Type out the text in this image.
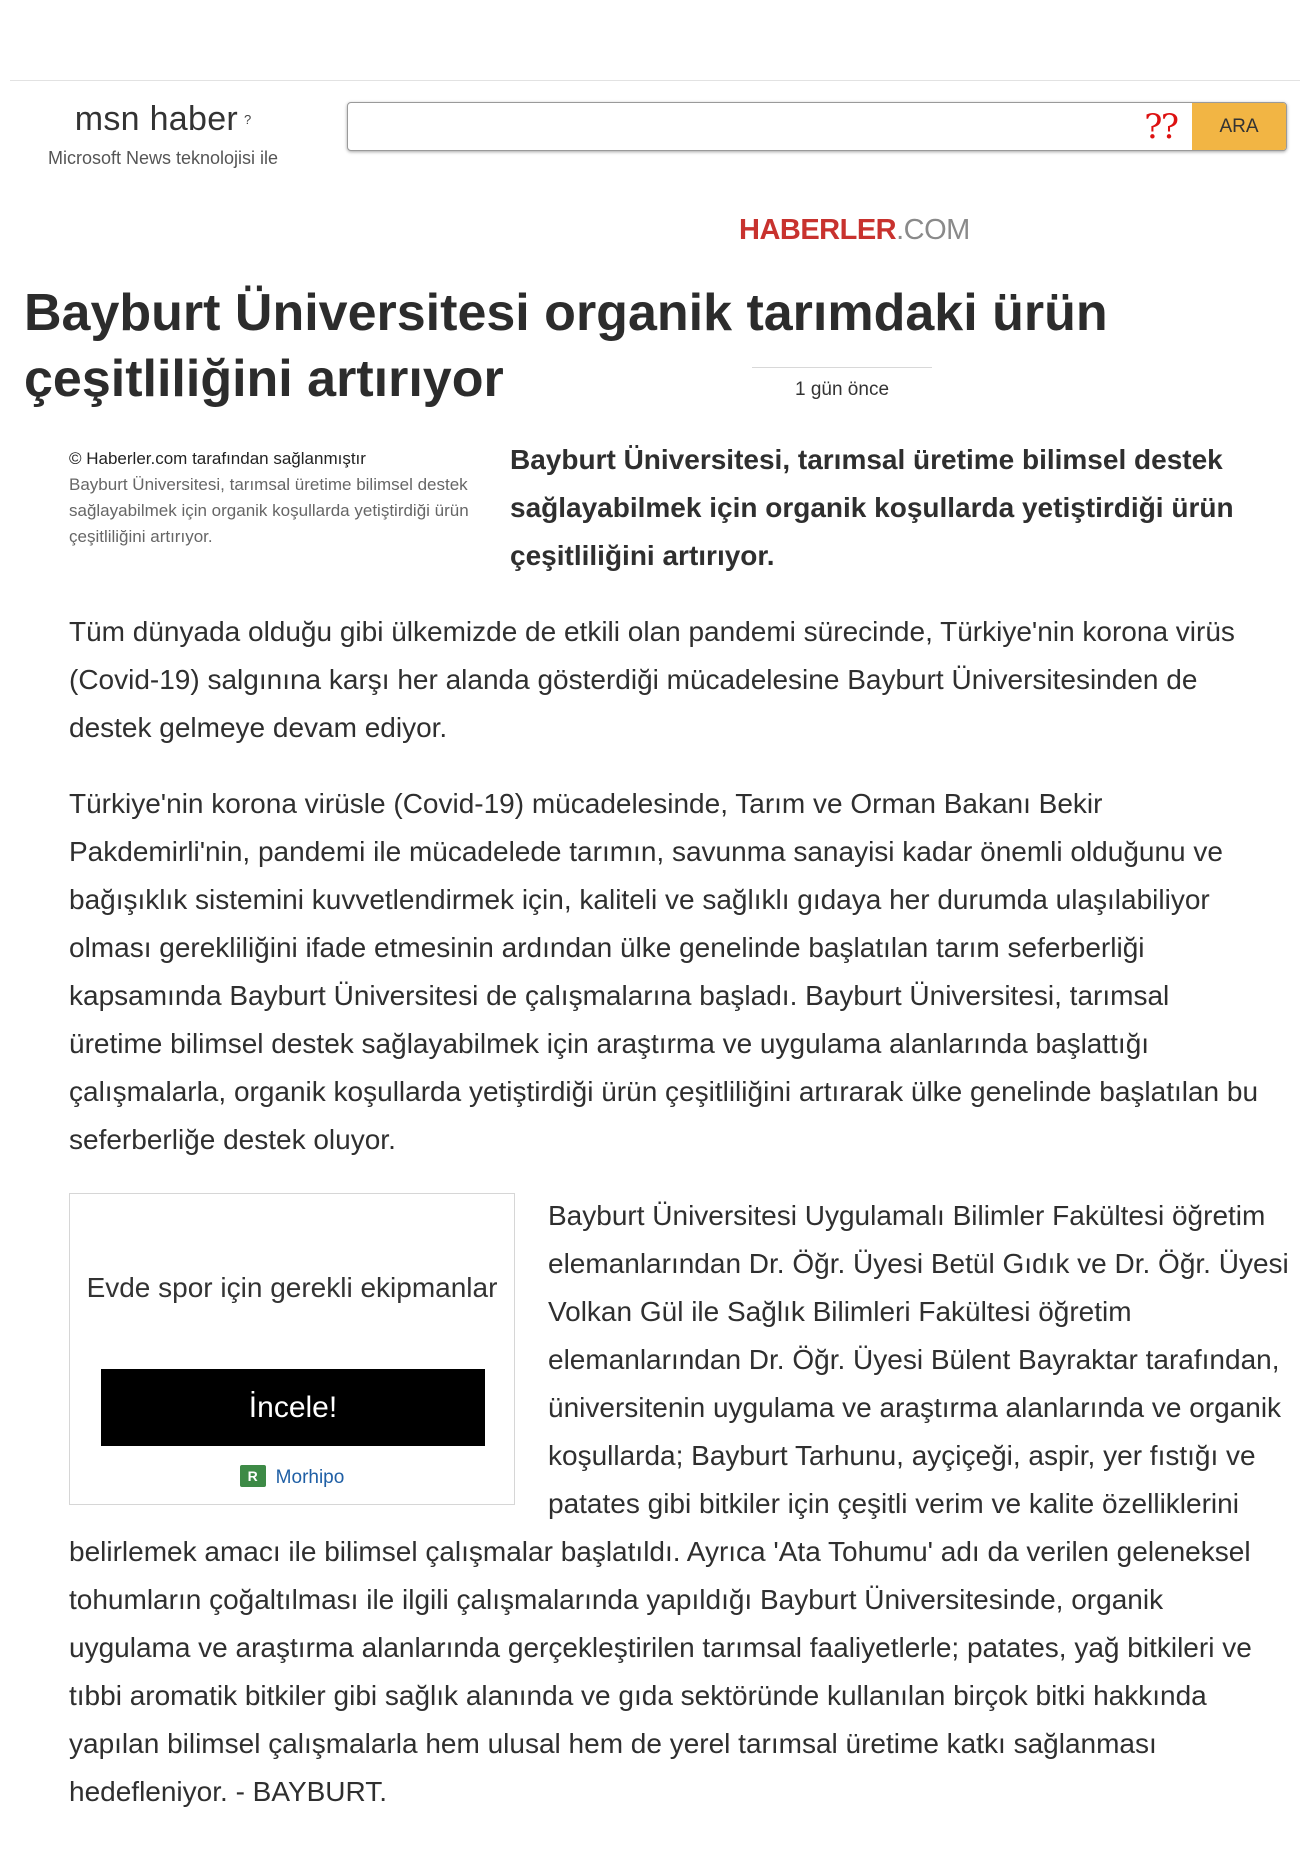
msn haber ?
Microsoft News teknolojisi ile
⁇	ARA
HABERLER.COM
Bayburt Üniversitesi organik tarımdaki ürün çeşitliliğini artırıyor	1 gün önce
© Haberler.com tarafından sağlanmıştır
Bayburt Üniversitesi, tarımsal üretime bilimsel destek sağlayabilmek için organik koşullarda yetiştirdiği ürün çeşitliliğini artırıyor.

Bayburt Üniversitesi, tarımsal üretime bilimsel destek sağlayabilmek için organik koşullarda yetiştirdiği ürün çeşitliliğini artırıyor.

Tüm dünyada olduğu gibi ülkemizde de etkili olan pandemi sürecinde, Türkiye'nin korona virüs (Covid-19) salgınına karşı her alanda gösterdiği mücadelesine Bayburt Üniversitesinden de destek gelmeye devam ediyor.

Türkiye'nin korona virüsle (Covid-19) mücadelesinde, Tarım ve Orman Bakanı Bekir Pakdemirli'nin, pandemi ile mücadelede tarımın, savunma sanayisi kadar önemli olduğunu ve bağışıklık sistemini kuvvetlendirmek için, kaliteli ve sağlıklı gıdaya her durumda ulaşılabiliyor olması gerekliliğini ifade etmesinin ardından ülke genelinde başlatılan tarım seferberliği kapsamında Bayburt Üniversitesi de çalışmalarına başladı. Bayburt Üniversitesi, tarımsal üretime bilimsel destek sağlayabilmek için araştırma ve uygulama alanlarında başlattığı çalışmalarla, organik koşullarda yetiştirdiği ürün çeşitliliğini artırarak ülke genelinde başlatılan bu seferberliğe destek oluyor.

Evde spor için gerekli ekipmanlar
İncele!
R Morhipo

Bayburt Üniversitesi Uygulamalı Bilimler Fakültesi öğretim elemanlarından Dr. Öğr. Üyesi Betül Gıdık ve Dr. Öğr. Üyesi Volkan Gül ile Sağlık Bilimleri Fakültesi öğretim elemanlarından Dr. Öğr. Üyesi Bülent Bayraktar tarafından, üniversitenin uygulama ve araştırma alanlarında ve organik koşullarda; Bayburt Tarhunu, ayçiçeği, aspir, yer fıstığı ve patates gibi bitkiler için çeşitli verim ve kalite özelliklerini belirlemek amacı ile bilimsel çalışmalar başlatıldı. Ayrıca 'Ata Tohumu' adı da verilen geleneksel tohumların çoğaltılması ile ilgili çalışmalarında yapıldığı Bayburt Üniversitesinde, organik uygulama ve araştırma alanlarında gerçekleştirilen tarımsal faaliyetlerle; patates, yağ bitkileri ve tıbbi aromatik bitkiler gibi sağlık alanında ve gıda sektöründe kullanılan birçok bitki hakkında yapılan bilimsel çalışmalarla hem ulusal hem de yerel tarımsal üretime katkı sağlanması hedefleniyor. - BAYBURT.
